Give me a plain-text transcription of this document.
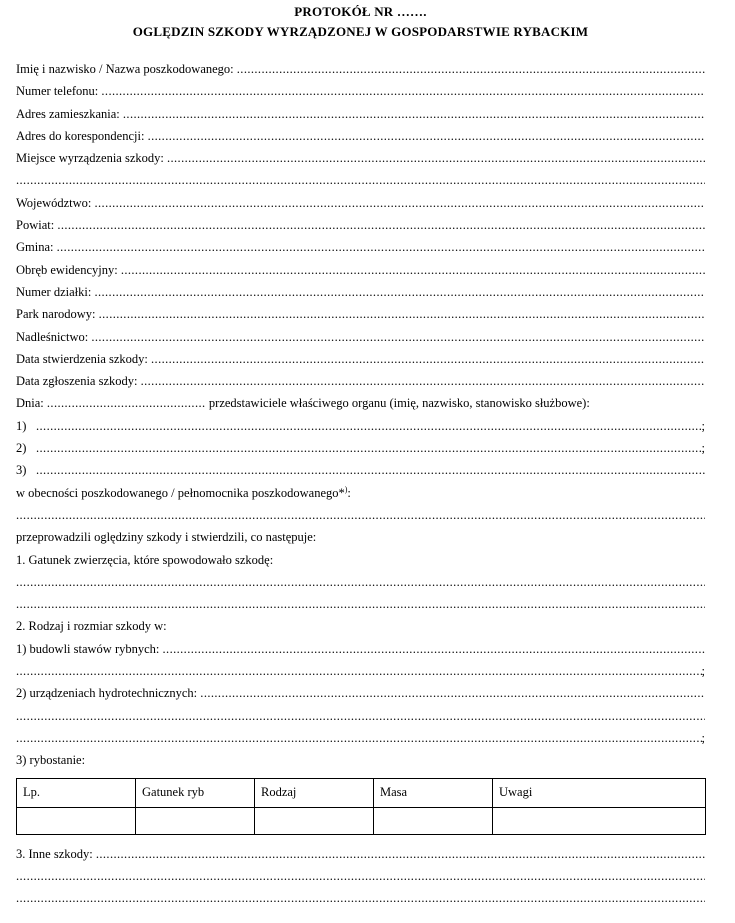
PROTOKÓŁ NR …….
OGLĘDZIN SZKODY WYRZĄDZONEJ W GOSPODARSTWIE RYBACKIM
Imię i nazwisko / Nazwa poszkodowanego:

.....
Numer telefonu:

.....
Adres zamieszkania:

.....
Adres do korespondencji:

.....
Miejsce wyrządzenia szkody:

.....
.....
Województwo:

.....
Powiat:

.....
Gmina:

.....
Obręb ewidencyjny:

.....
Numer działki:

.....
Park narodowy:

.....
Nadleśnictwo:

.....
Data stwierdzenia szkody:

.....
Data zgłoszenia szkody:

.....
Dnia:
.....	przedstawiciele właściwego organu (imię, nazwisko, stanowisko służbowe):
1) .....	;
2) .....	;
3)
.....
w obecności poszkodowanego / pełnomocnika poszkodowanego*):
.....
przeprowadzili oględziny szkody i stwierdzili, co następuje:
1. Gatunek zwierzęcia, które spowodowało szkodę:
.....
.....
2. Rodzaj i rozmiar szkody w:
1) budowli stawów rybnych:

.....
.....
;
2) urządzeniach hydrotechnicznych:

.....
.....
.....
;
3) rybostanie:
Lp.	Gatunek ryb	Rodzaj	Masa	Uwagi

3. Inne szkody:

.....
.....
.....
